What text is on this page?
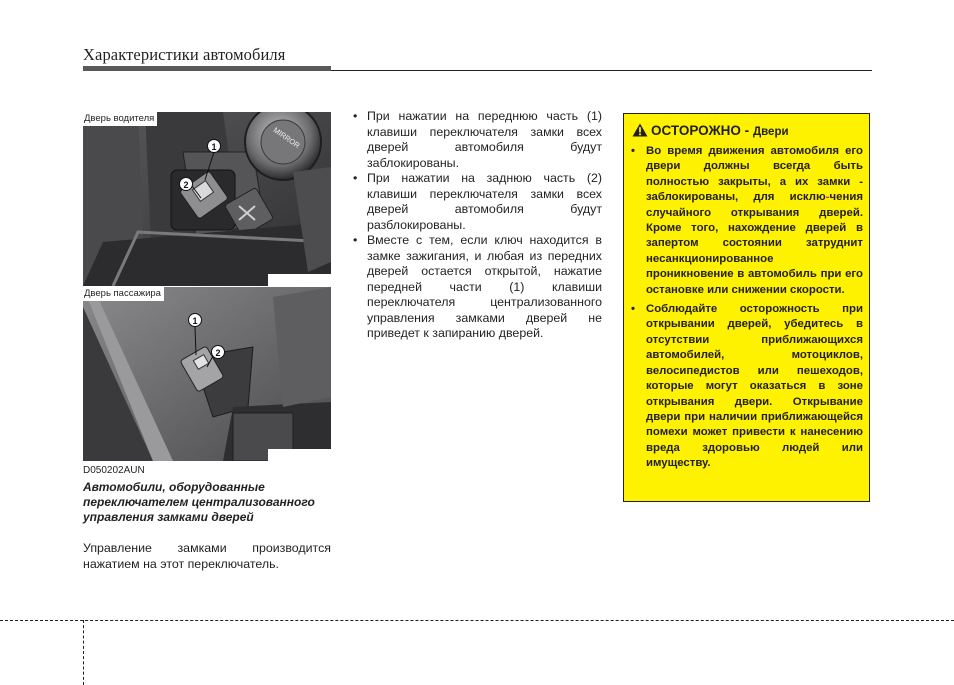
Характеристики автомобиля
1
2
MIRROR
Дверь водителя
1
2
Дверь пассажира
D050202AUN
Автомобили, оборудованные переключателем централизованного управления замками дверей
Управление замками производится нажатием на этот переключатель.
• При нажатии на переднюю часть (1) клавиши переключателя замки всех дверей автомобиля будут заблокированы.
• При нажатии на заднюю часть (2) клавиши переключателя замки всех дверей автомобиля будут разблокированы.
• Вместе с тем, если ключ находится в замке зажигания, и любая из передних дверей остается открытой, нажатие передней части (1) клавиши переключателя централизованного управления замками дверей не приведет к запиранию дверей.
ОСТОРОЖНО - Двери
• Во время движения автомобиля его двери должны всегда быть полностью закрыты, а их замки - заблокированы, для исклю-чения случайного открывания дверей. Кроме того, нахождение дверей в запертом состоянии затруднит несанкционированное проникновение в автомобиль при его остановке или снижении скорости.
• Соблюдайте осторожность при открывании дверей, убедитесь в отсутствии приближающихся автомобилей, мотоциклов, велосипедистов или пешеходов, которые могут оказаться в зоне открывания двери. Открывание двери при наличии приближающейся помехи может привести к нанесению вреда здоровью людей или имуществу.
